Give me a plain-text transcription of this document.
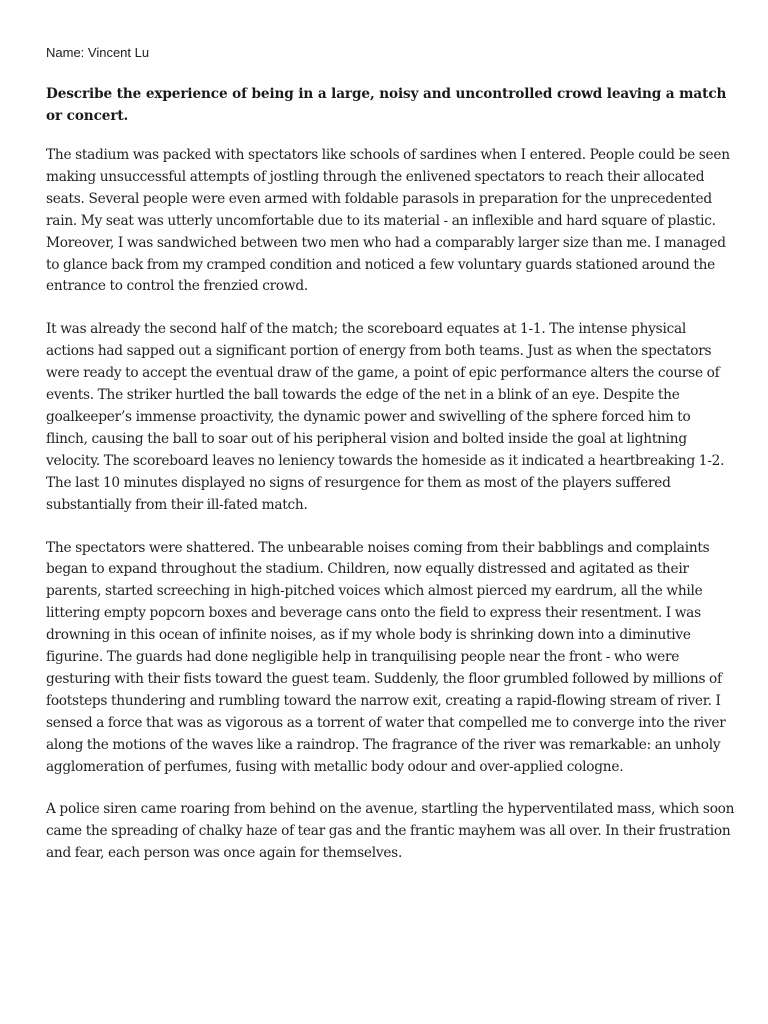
Name: Vincent Lu

Describe the experience of being in a large, noisy and uncontrolled crowd leaving a match or concert.

The stadium was packed with spectators like schools of sardines when I entered. People could be seen making unsuccessful attempts of jostling through the enlivened spectators to reach their allocated seats. Several people were even armed with foldable parasols in preparation for the unprecedented rain. My seat was utterly uncomfortable due to its material - an inflexible and hard square of plastic. Moreover, I was sandwiched between two men who had a comparably larger size than me. I managed to glance back from my cramped condition and noticed a few voluntary guards stationed around the entrance to control the frenzied crowd.

It was already the second half of the match; the scoreboard equates at 1-1. The intense physical actions had sapped out a significant portion of energy from both teams. Just as when the spectators were ready to accept the eventual draw of the game, a point of epic performance alters the course of events. The striker hurtled the ball towards the edge of the net in a blink of an eye. Despite the goalkeeper’s immense proactivity, the dynamic power and swivelling of the sphere forced him to flinch, causing the ball to soar out of his peripheral vision and bolted inside the goal at lightning velocity. The scoreboard leaves no leniency towards the homeside as it indicated a heartbreaking 1-2. The last 10 minutes displayed no signs of resurgence for them as most of the players suffered substantially from their ill-fated match.

The spectators were shattered. The unbearable noises coming from their babblings and complaints began to expand throughout the stadium. Children, now equally distressed and agitated as their parents, started screeching in high-pitched voices which almost pierced my eardrum, all the while littering empty popcorn boxes and beverage cans onto the field to express their resentment. I was drowning in this ocean of infinite noises, as if my whole body is shrinking down into a diminutive figurine. The guards had done negligible help in tranquilising people near the front - who were gesturing with their fists toward the guest team. Suddenly, the floor grumbled followed by millions of footsteps thundering and rumbling toward the narrow exit, creating a rapid-flowing stream of river. I sensed a force that was as vigorous as a torrent of water that compelled me to converge into the river along the motions of the waves like a raindrop. The fragrance of the river was remarkable: an unholy agglomeration of perfumes, fusing with metallic body odour and over-applied cologne.

A police siren came roaring from behind on the avenue, startling the hyperventilated mass, which soon came the spreading of chalky haze of tear gas and the frantic mayhem was all over. In their frustration and fear, each person was once again for themselves.
